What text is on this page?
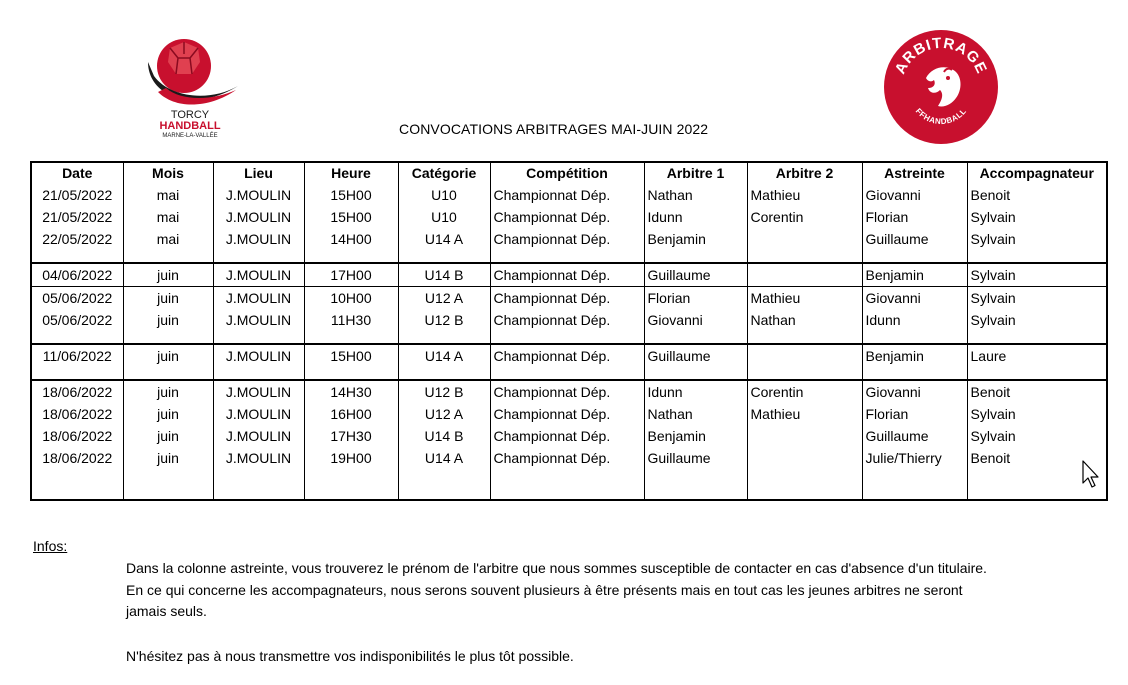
TORCY
HANDBALL
MARNE-LA-VALLÉE
ARBITRAGE
FFHANDBALL
CONVOCATIONS ARBITRAGES MAI-JUIN 2022
Date	Mois	Lieu	Heure	Catégorie	Compétition	Arbitre 1	Arbitre 2	Astreinte	Accompagnateur
21/05/2022	mai	J.MOULIN	15H00	U10	Championnat Dép.	Nathan	Mathieu	Giovanni	Benoit
21/05/2022	mai	J.MOULIN	15H00	U10	Championnat Dép.	Idunn	Corentin	Florian	Sylvain
22/05/2022	mai	J.MOULIN	14H00	U14 A	Championnat Dép.	Benjamin		Guillaume	Sylvain

04/06/2022	juin	J.MOULIN	17H00	U14 B	Championnat Dép.	Guillaume		Benjamin	Sylvain
05/06/2022	juin	J.MOULIN	10H00	U12 A	Championnat Dép.	Florian	Mathieu	Giovanni	Sylvain
05/06/2022	juin	J.MOULIN	11H30	U12 B	Championnat Dép.	Giovanni	Nathan	Idunn	Sylvain

11/06/2022	juin	J.MOULIN	15H00	U14 A	Championnat Dép.	Guillaume		Benjamin	Laure

18/06/2022	juin	J.MOULIN	14H30	U12 B	Championnat Dép.	Idunn	Corentin	Giovanni	Benoit
18/06/2022	juin	J.MOULIN	16H00	U12 A	Championnat Dép.	Nathan	Mathieu	Florian	Sylvain
18/06/2022	juin	J.MOULIN	17H30	U14 B	Championnat Dép.	Benjamin		Guillaume	Sylvain
18/06/2022	juin	J.MOULIN	19H00	U14 A	Championnat Dép.	Guillaume		Julie/Thierry	Benoit

Infos:
Dans la colonne astreinte, vous trouverez le prénom de l'arbitre que nous sommes susceptible de contacter en cas d'absence d'un titulaire.
En ce qui concerne les accompagnateurs, nous serons souvent plusieurs à être présents mais en tout cas les jeunes arbitres ne seront
jamais seuls.
N'hésitez pas à nous transmettre vos indisponibilités le plus tôt possible.
